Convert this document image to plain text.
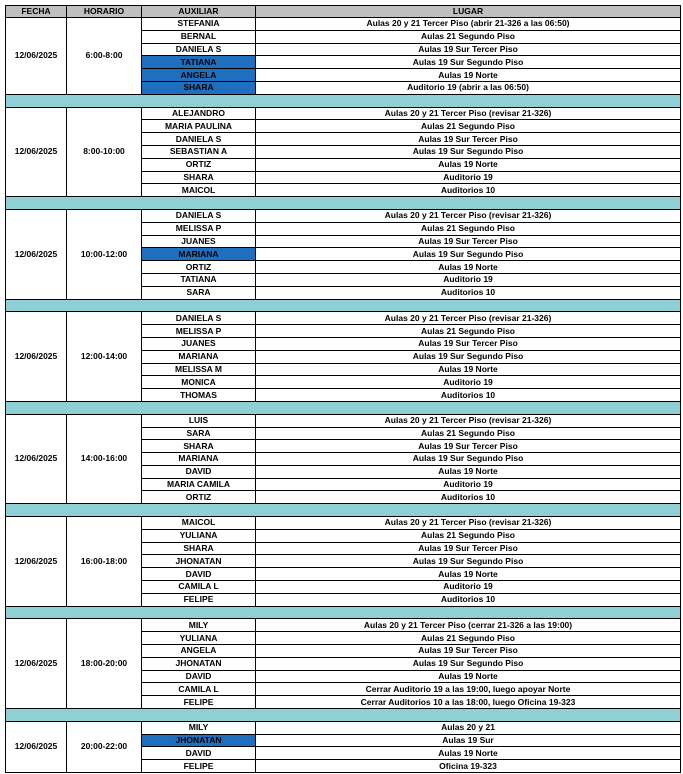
FECHA	HORARIO	AUXILIAR	LUGAR
12/06/2025	6:00-8:00	STEFANIA	Aulas 20 y 21 Tercer Piso (abrir 21-326 a las 06:50)
		BERNAL	Aulas 21 Segundo Piso
		DANIELA S	Aulas 19 Sur Tercer Piso
		TATIANA	Aulas 19 Sur Segundo Piso
		ANGELA	Aulas 19 Norte
		SHARA	Auditorio 19 (abrir a las 06:50)

12/06/2025	8:00-10:00	ALEJANDRO	Aulas 20 y 21 Tercer Piso (revisar 21-326)
		MARIA PAULINA	Aulas 21 Segundo Piso
		DANIELA S	Aulas 19 Sur Tercer Piso
		SEBASTIAN A	Aulas 19 Sur Segundo Piso
		ORTIZ	Aulas 19 Norte
		SHARA	Auditorio 19
		MAICOL	Auditorios 10

12/06/2025	10:00-12:00	DANIELA S	Aulas 20 y 21 Tercer Piso (revisar 21-326)
		MELISSA P	Aulas 21 Segundo Piso
		JUANES	Aulas 19 Sur Tercer Piso
		MARIANA	Aulas 19 Sur Segundo Piso
		ORTIZ	Aulas 19 Norte
		TATIANA	Auditorio 19
		SARA	Auditorios 10

12/06/2025	12:00-14:00	DANIELA S	Aulas 20 y 21 Tercer Piso (revisar 21-326)
		MELISSA P	Aulas 21 Segundo Piso
		JUANES	Aulas 19 Sur Tercer Piso
		MARIANA	Aulas 19 Sur Segundo Piso
		MELISSA M	Aulas 19 Norte
		MONICA	Auditorio 19
		THOMAS	Auditorios 10

12/06/2025	14:00-16:00	LUIS	Aulas 20 y 21 Tercer Piso (revisar 21-326)
		SARA	Aulas 21 Segundo Piso
		SHARA	Aulas 19 Sur Tercer Piso
		MARIANA	Aulas 19 Sur Segundo Piso
		DAVID	Aulas 19 Norte
		MARIA CAMILA	Auditorio 19
		ORTIZ	Auditorios 10

12/06/2025	16:00-18:00	MAICOL	Aulas 20 y 21 Tercer Piso (revisar 21-326)
		YULIANA	Aulas 21 Segundo Piso
		SHARA	Aulas 19 Sur Tercer Piso
		JHONATAN	Aulas 19 Sur Segundo Piso
		DAVID	Aulas 19 Norte
		CAMILA L	Auditorio 19
		FELIPE	Auditorios 10

12/06/2025	18:00-20:00	MILY	Aulas 20 y 21 Tercer Piso (cerrar 21-326 a las 19:00)
		YULIANA	Aulas 21 Segundo Piso
		ANGELA	Aulas 19 Sur Tercer Piso
		JHONATAN	Aulas 19 Sur Segundo Piso
		DAVID	Aulas 19 Norte
		CAMILA L	Cerrar Auditorio 19 a las 19:00, luego apoyar Norte
		FELIPE	Cerrar Auditorios 10 a las 18:00, luego Oficina 19-323

12/06/2025	20:00-22:00	MILY	Aulas 20 y 21
		JHONATAN	Aulas 19 Sur
		DAVID	Aulas 19 Norte
		FELIPE	Oficina 19-323
